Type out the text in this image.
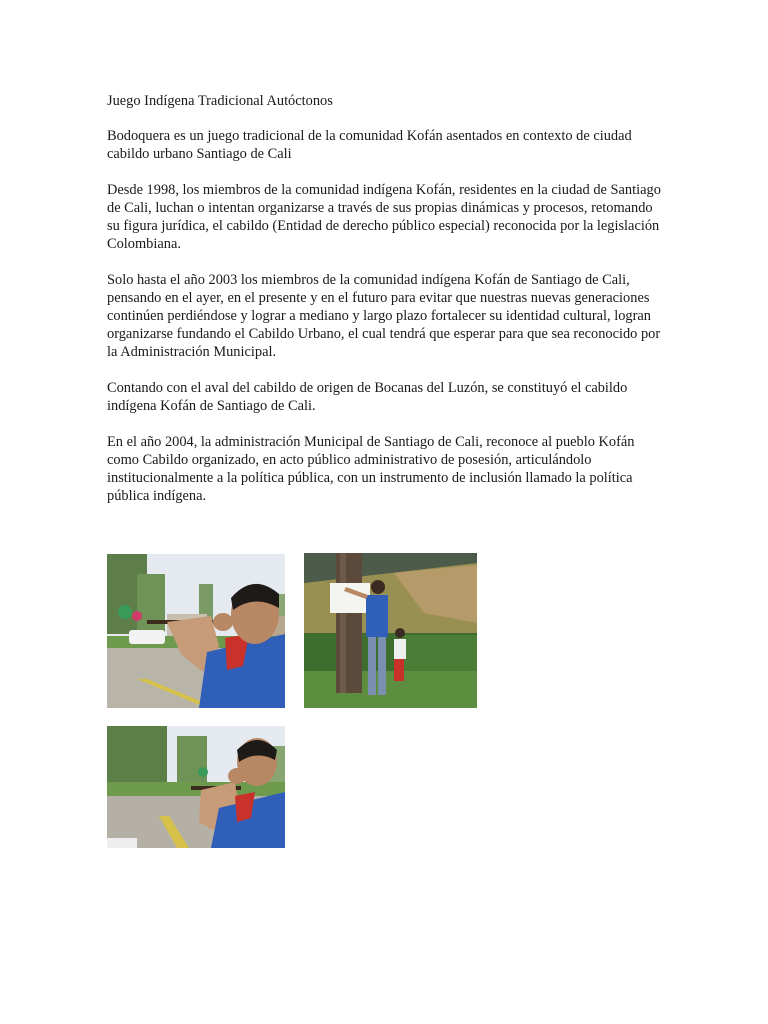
Juego Indígena Tradicional Autóctonos

Bodoquera es un juego tradicional de la comunidad Kofán asentados en contexto de ciudad cabildo urbano Santiago de Cali

Desde 1998, los miembros de la comunidad indígena Kofán, residentes en la ciudad de Santiago de Cali, luchan o intentan organizarse a través de sus propias dinámicas y procesos, retomando su figura jurídica, el cabildo (Entidad de derecho público especial) reconocida por la legislación Colombiana.

Solo hasta el año 2003 los miembros de la comunidad indígena Kofán de Santiago de Cali, pensando en el ayer, en el presente y en el futuro para evitar que nuestras nuevas generaciones continúen perdiéndose y lograr a mediano y largo plazo fortalecer su identidad cultural, logran organizarse fundando el Cabildo Urbano, el cual tendrá que esperar para que sea reconocido por la Administración Municipal.

Contando con el aval del cabildo de origen de Bocanas del Luzón, se constituyó el cabildo indígena Kofán de Santiago de Cali.

En el año 2004, la administración Municipal de Santiago de Cali, reconoce al pueblo Kofán como Cabildo organizado, en acto público administrativo de posesión, articulándolo institucionalmente a la política pública, con un instrumento de inclusión llamado la política pública indígena.
